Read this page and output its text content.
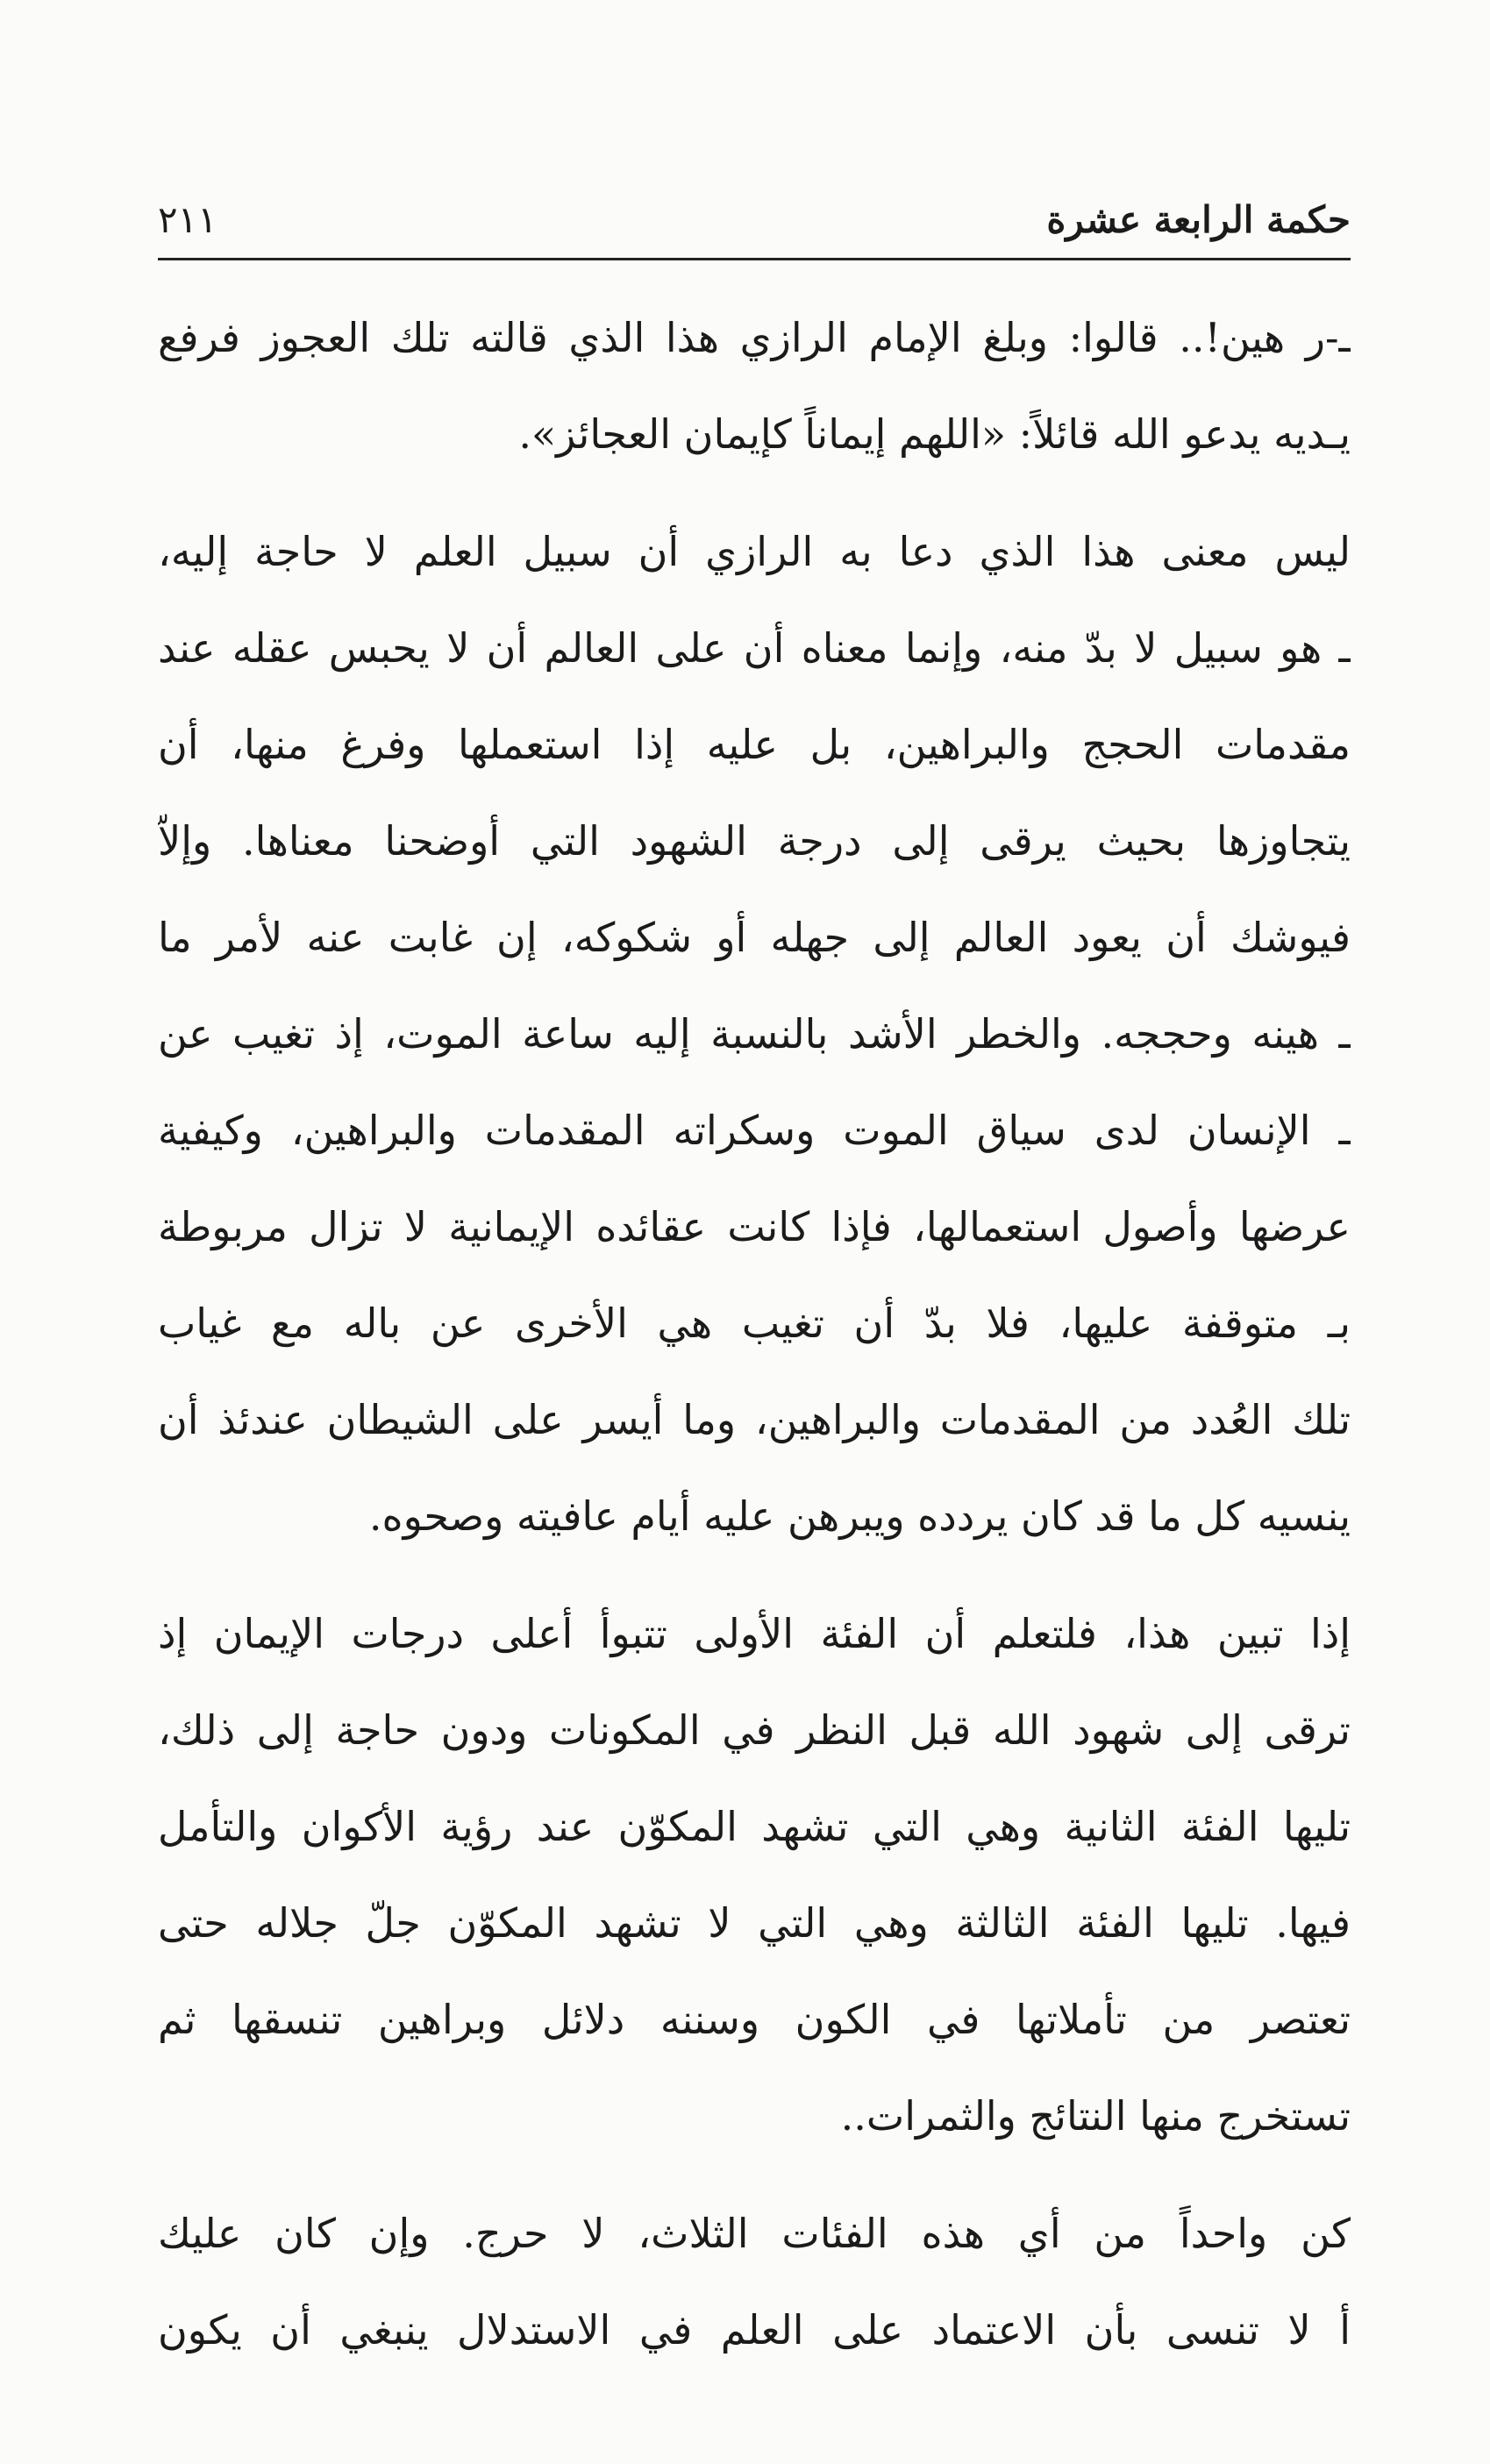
حكمة الرابعة عشرة
٢١١
ـ-ر هين!.. قالوا: وبلغ الإمام الرازي هذا الذي قالته تلك العجوز فرفع
يـديه يدعو الله قائلاً: «اللهم إيماناً كإيمان العجائز».
ليس معنى هذا الذي دعا به الرازي أن سبيل العلم لا حاجة إليه،
ـ هو سبيل لا بدّ منه، وإنما معناه أن على العالم أن لا يحبس عقله عند
مقدمات الحجج والبراهين، بل عليه إذا استعملها وفرغ منها، أن
يتجاوزها بحيث يرقى إلى درجة الشهود التي أوضحنا معناها. وإلاّ
فيوشك أن يعود العالم إلى جهله أو شكوكه، إن غابت عنه لأمر ما
ـ هينه وحججه. والخطر الأشد بالنسبة إليه ساعة الموت، إذ تغيب عن
ـ الإنسان لدى سياق الموت وسكراته المقدمات والبراهين، وكيفية
عرضها وأصول استعمالها، فإذا كانت عقائده الإيمانية لا تزال مربوطة
بـ متوقفة عليها، فلا بدّ أن تغيب هي الأخرى عن باله مع غياب
تلك العُدد من المقدمات والبراهين، وما أيسر على الشيطان عندئذ أن
ينسيه كل ما قد كان يردده ويبرهن عليه أيام عافيته وصحوه.
إذا تبين هذا، فلتعلم أن الفئة الأولى تتبوأ أعلى درجات الإيمان إذ
ترقى إلى شهود الله قبل النظر في المكونات ودون حاجة إلى ذلك،
تليها الفئة الثانية وهي التي تشهد المكوّن عند رؤية الأكوان والتأمل
فيها. تليها الفئة الثالثة وهي التي لا تشهد المكوّن جلّ جلاله حتى
تعتصر من تأملاتها في الكون وسننه دلائل وبراهين تنسقها ثم
تستخرج منها النتائج والثمرات..
كن واحداً من أي هذه الفئات الثلاث، لا حرج. وإن كان عليك
أ لا تنسى بأن الاعتماد على العلم في الاستدلال ينبغي أن يكون
